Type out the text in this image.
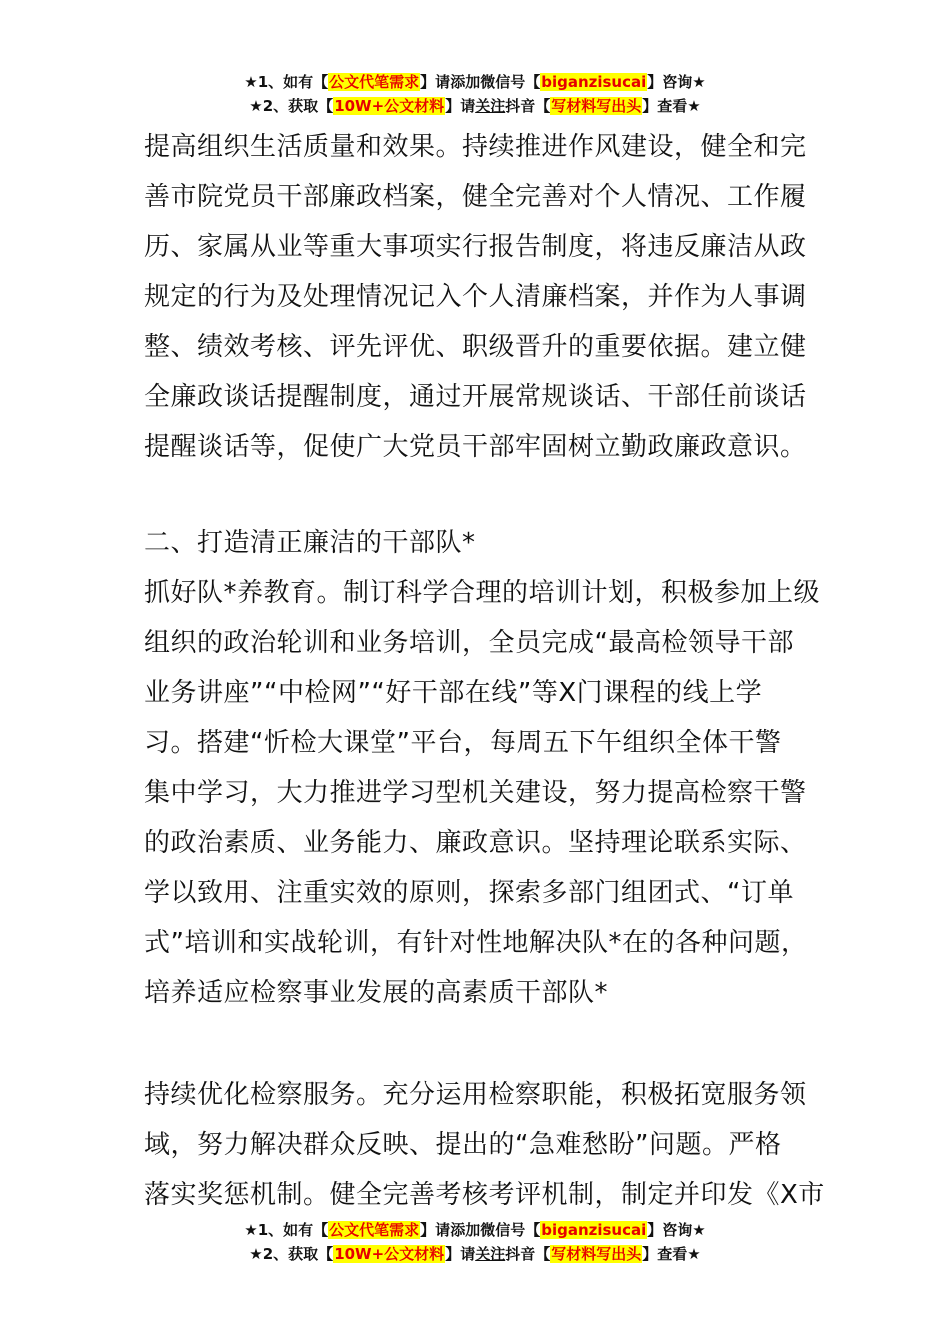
★1、如有【公文代笔需求】请添加微信号【biganzisucai】咨询★
★2、获取【10W+公文材料】请关注抖音【写材料写出头】查看★
提高组织生活质量和效果。持续推进作风建设，健全和完
善市院党员干部廉政档案，健全完善对个人情况、工作履
历、家属从业等重大事项实行报告制度，将违反廉洁从政
规定的行为及处理情况记入个人清廉档案，并作为人事调
整、绩效考核、评先评优、职级晋升的重要依据。建立健
全廉政谈话提醒制度，通过开展常规谈话、干部任前谈话
提醒谈话等，促使广大党员干部牢固树立勤政廉政意识。
二、打造清正廉洁的干部队*
抓好队*养教育。制订科学合理的培训计划，积极参加上级
组织的政治轮训和业务培训，全员完成“最高检领导干部
业务讲座”“中检网”“好干部在线”等X门课程的线上学
习。搭建“忻检大课堂”平台，每周五下午组织全体干警
集中学习，大力推进学习型机关建设，努力提高检察干警
的政治素质、业务能力、廉政意识。坚持理论联系实际、
学以致用、注重实效的原则，探索多部门组团式、“订单
式”培训和实战轮训，有针对性地解决队*在的各种问题，
培养适应检察事业发展的高素质干部队*
持续优化检察服务。充分运用检察职能，积极拓宽服务领
域，努力解决群众反映、提出的“急难愁盼”问题。严格
落实奖惩机制。健全完善考核考评机制，制定并印发《X市
★1、如有【公文代笔需求】请添加微信号【biganzisucai】咨询★
★2、获取【10W+公文材料】请关注抖音【写材料写出头】查看★
